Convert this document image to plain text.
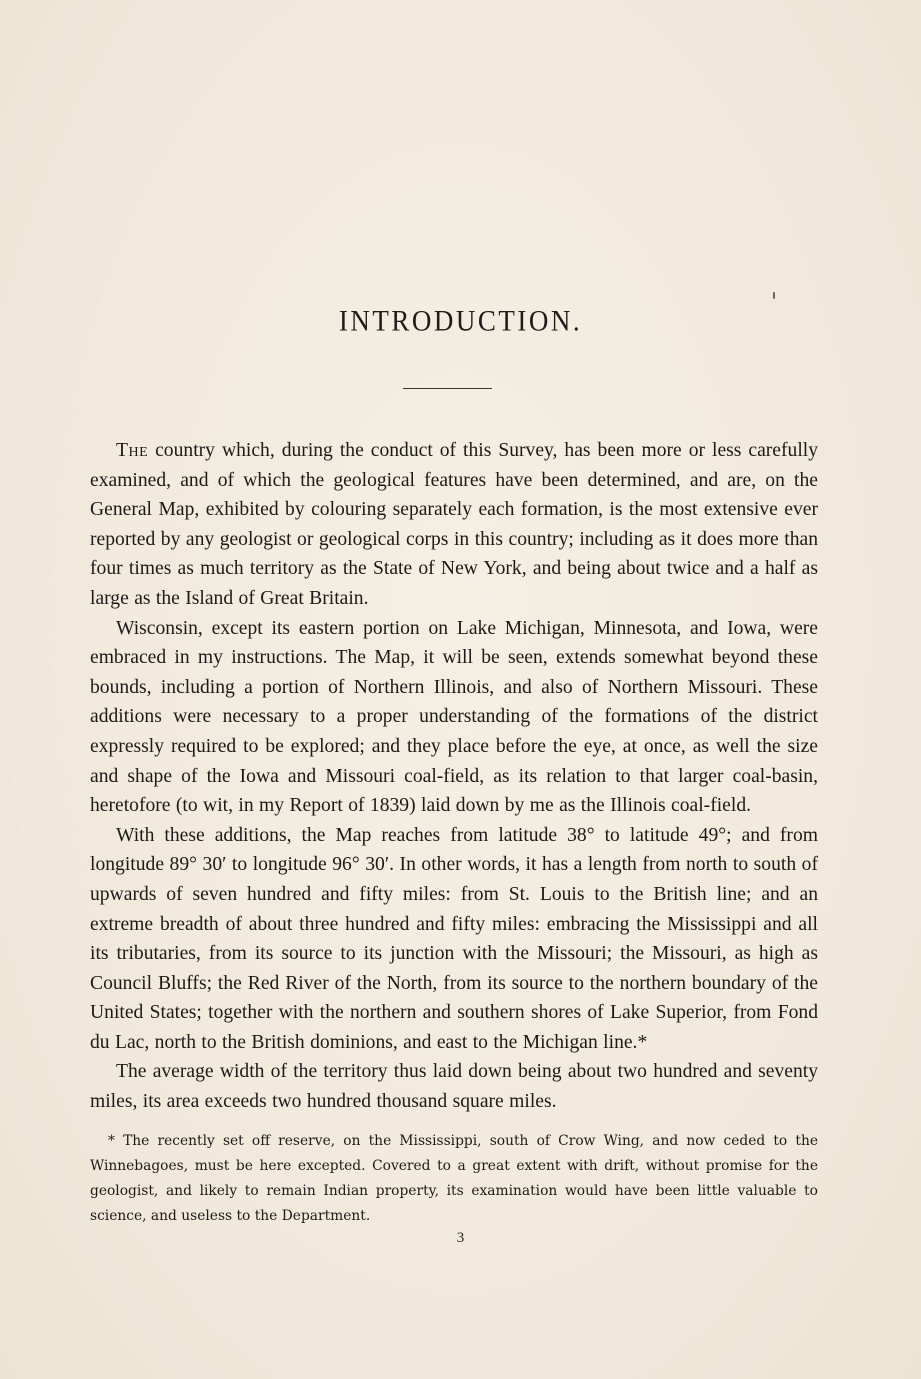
INTRODUCTION.

The country which, during the conduct of this Survey, has been more or less carefully examined, and of which the geological features have been determined, and are, on the General Map, exhibited by colouring separately each formation, is the most extensive ever reported by any geologist or geological corps in this country; including as it does more than four times as much territory as the State of New York, and being about twice and a half as large as the Island of Great Britain.

Wisconsin, except its eastern portion on Lake Michigan, Minnesota, and Iowa, were embraced in my instructions. The Map, it will be seen, extends somewhat beyond these bounds, including a portion of Northern Illinois, and also of Northern Missouri. These additions were necessary to a proper understanding of the formations of the district expressly required to be explored; and they place before the eye, at once, as well the size and shape of the Iowa and Missouri coal-field, as its relation to that larger coal-basin, heretofore (to wit, in my Report of 1839) laid down by me as the Illinois coal-field.

With these additions, the Map reaches from latitude 38° to latitude 49°; and from longitude 89° 30′ to longitude 96° 30′. In other words, it has a length from north to south of upwards of seven hundred and fifty miles: from St. Louis to the British line; and an extreme breadth of about three hundred and fifty miles: embracing the Mississippi and all its tributaries, from its source to its junction with the Missouri; the Missouri, as high as Council Bluffs; the Red River of the North, from its source to the northern boundary of the United States; together with the northern and southern shores of Lake Superior, from Fond du Lac, north to the British dominions, and east to the Michigan line.*

The average width of the territory thus laid down being about two hundred and seventy miles, its area exceeds two hundred thousand square miles.

* The recently set off reserve, on the Mississippi, south of Crow Wing, and now ceded to the Winnebagoes, must be here excepted. Covered to a great extent with drift, without promise for the geologist, and likely to remain Indian property, its examination would have been little valuable to science, and useless to the Department.

3
